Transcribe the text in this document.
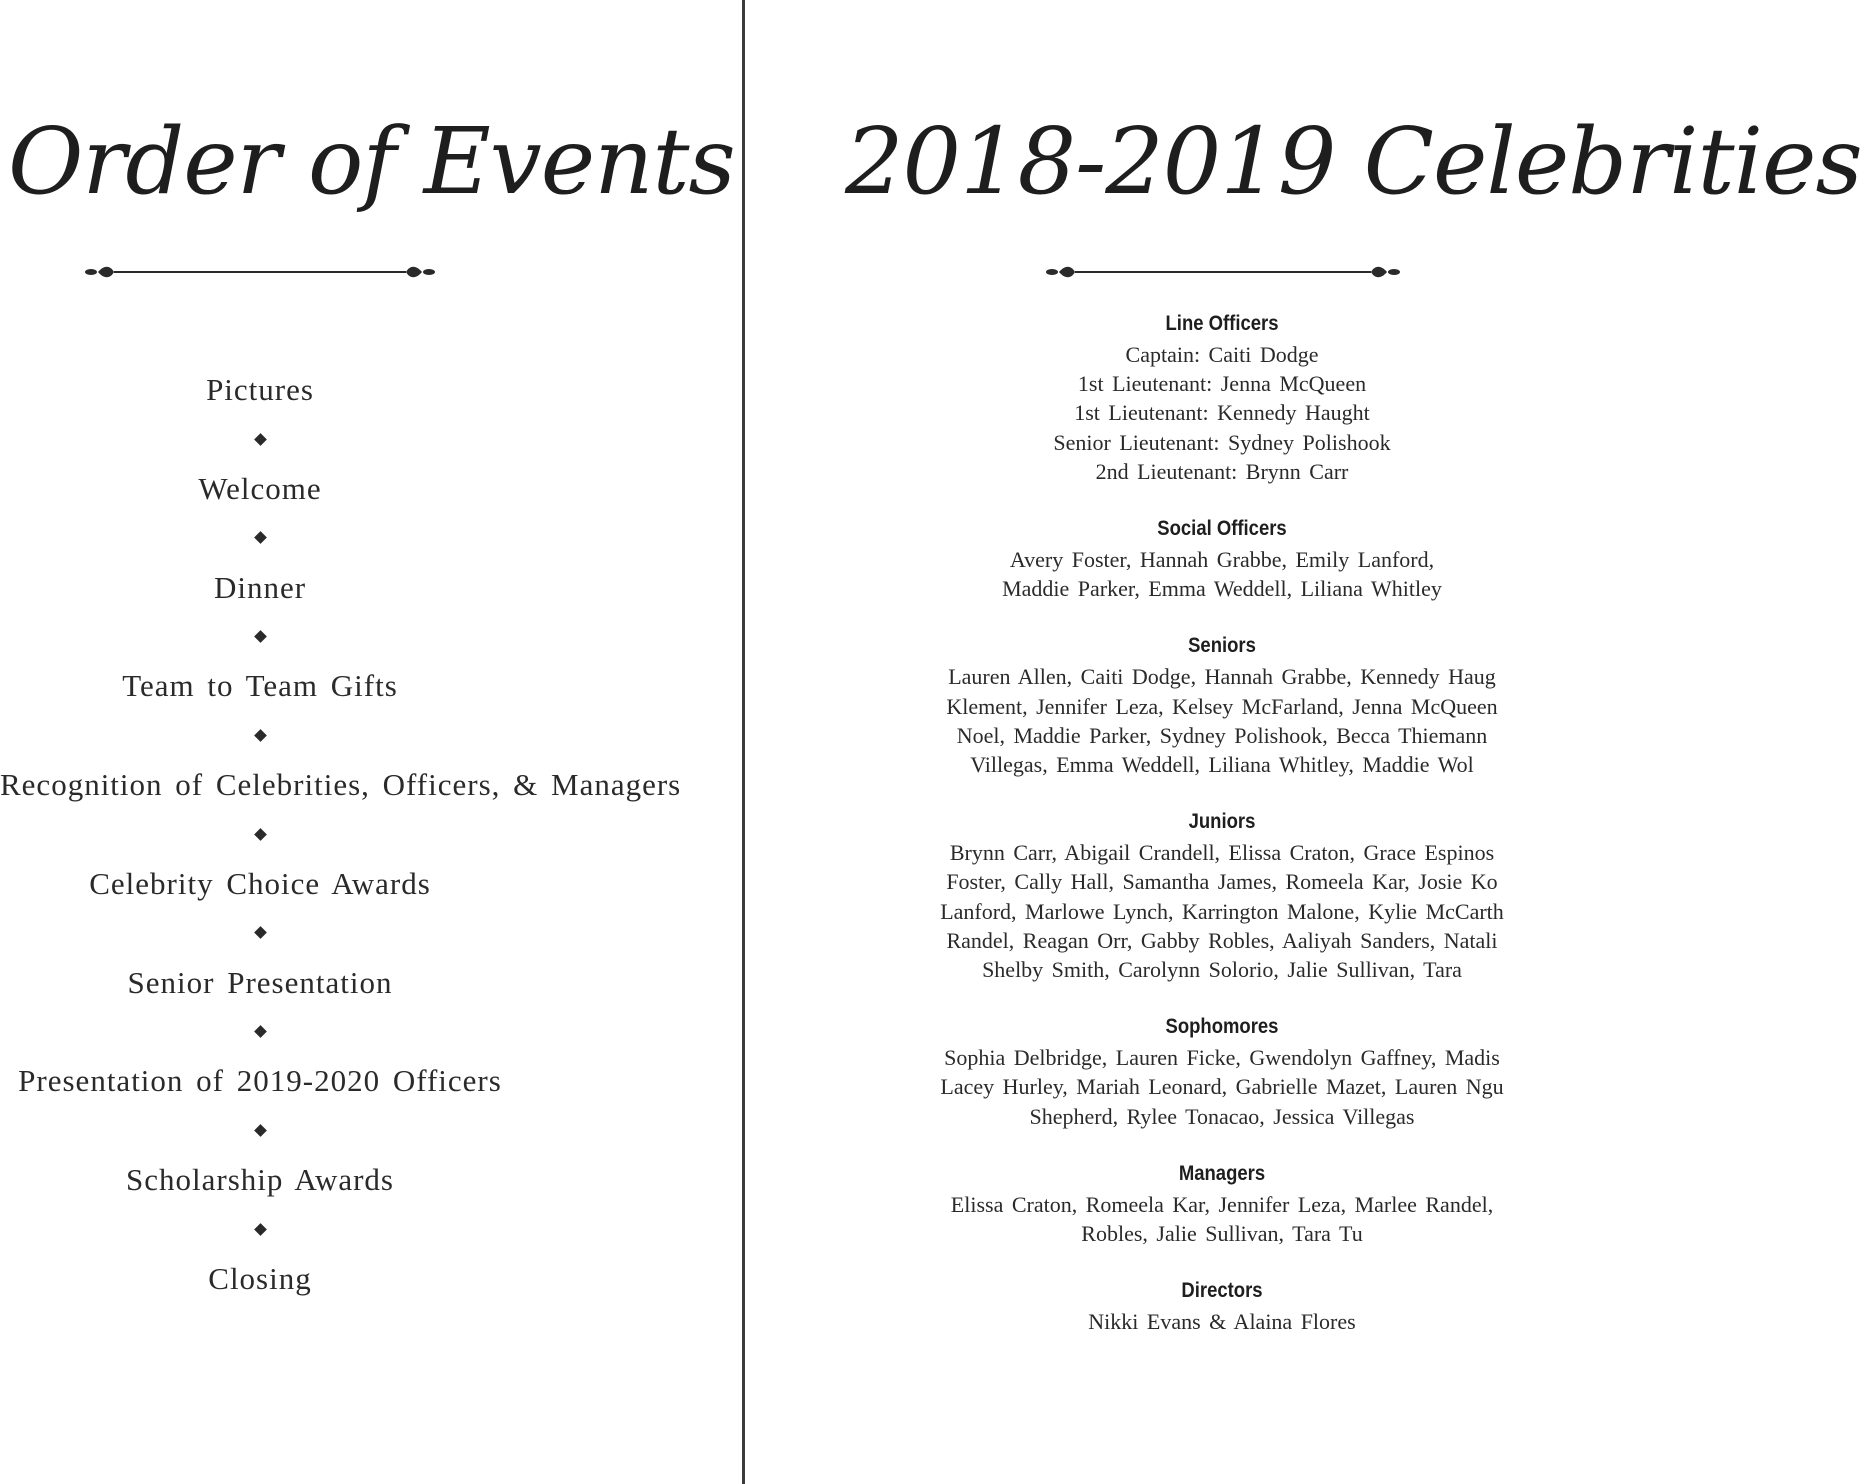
Order of Events
Pictures
Welcome
Dinner
Team to Team Gifts
Recognition of Celebrities, Officers, & Managers
Celebrity Choice Awards
Senior Presentation
Presentation of 2019-2020 Officers
Scholarship Awards
Closing
2018-2019 Celebrities
Line Officers
Captain: Caiti Dodge
1st Lieutenant: Jenna McQueen
1st Lieutenant: Kennedy Haught
Senior Lieutenant: Sydney Polishook
2nd Lieutenant: Brynn Carr
Social Officers
Avery Foster, Hannah Grabbe, Emily Lanford,
Maddie Parker, Emma Weddell, Liliana Whitley
Seniors
Lauren Allen, Caiti Dodge, Hannah Grabbe, Kennedy Haug
Klement, Jennifer Leza, Kelsey McFarland, Jenna McQueen
Noel, Maddie Parker, Sydney Polishook, Becca Thiemann
Villegas, Emma Weddell, Liliana Whitley, Maddie Wol
Juniors
Brynn Carr, Abigail Crandell, Elissa Craton, Grace Espinos
Foster, Cally Hall, Samantha James, Romeela Kar, Josie Ko
Lanford, Marlowe Lynch, Karrington Malone, Kylie McCarth
Randel, Reagan Orr, Gabby Robles, Aaliyah Sanders, Natali
Shelby Smith, Carolynn Solorio, Jalie Sullivan, Tara
Sophomores
Sophia Delbridge, Lauren Ficke, Gwendolyn Gaffney, Madis
Lacey Hurley, Mariah Leonard, Gabrielle Mazet, Lauren Ngu
Shepherd, Rylee Tonacao, Jessica Villegas
Managers
Elissa Craton, Romeela Kar, Jennifer Leza, Marlee Randel,
Robles, Jalie Sullivan, Tara Tu
Directors
Nikki Evans & Alaina Flores
